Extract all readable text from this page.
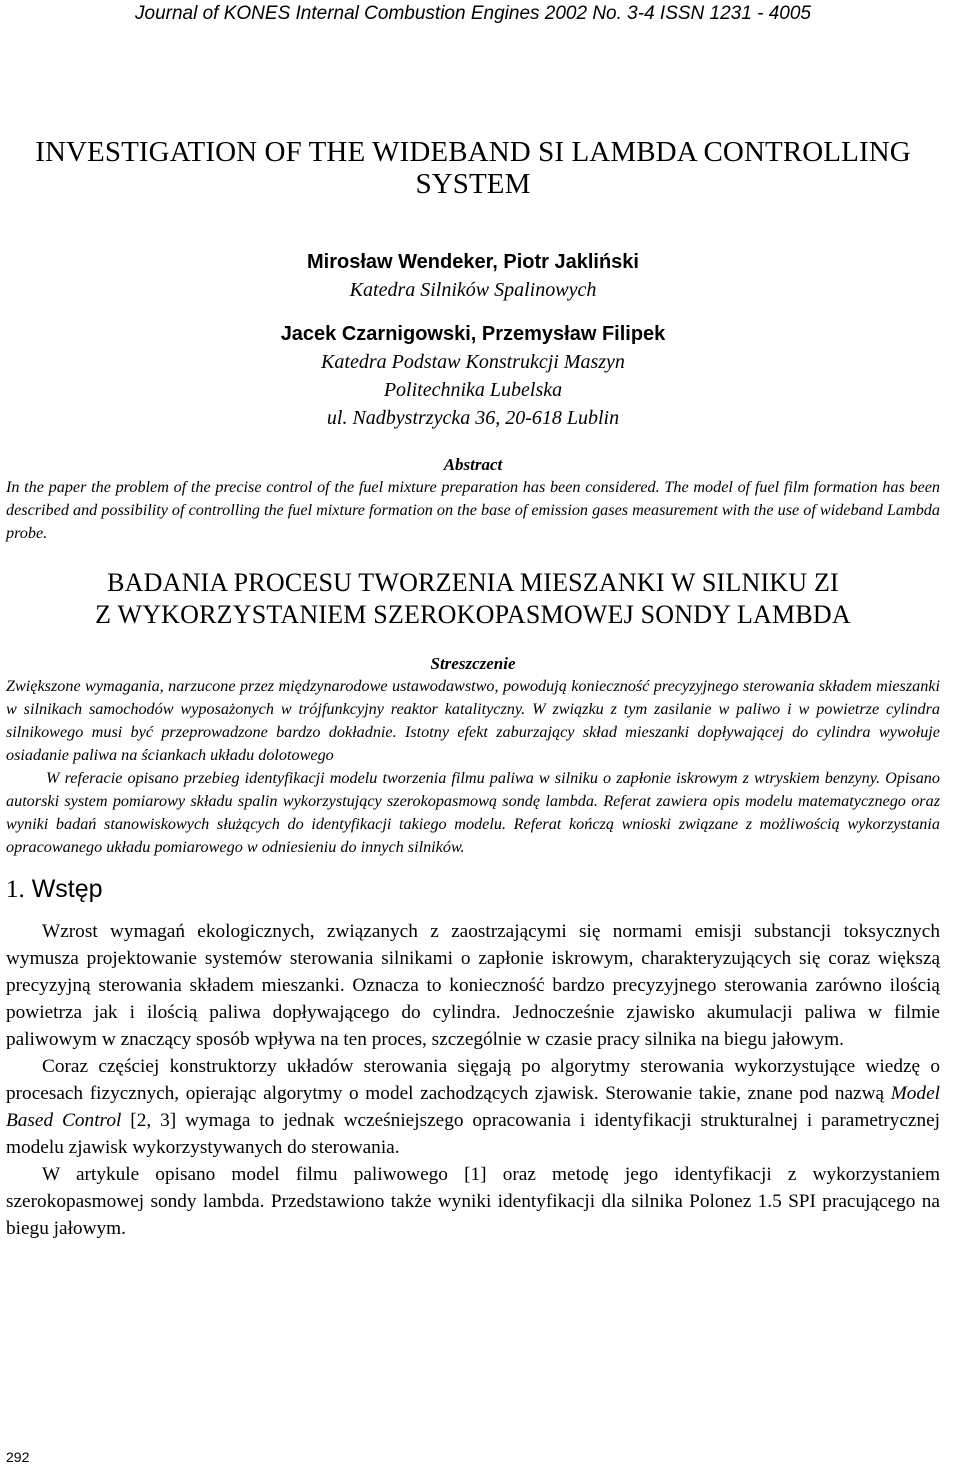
Journal of KONES Internal Combustion Engines 2002 No. 3-4 ISSN 1231 - 4005
INVESTIGATION OF THE WIDEBAND SI LAMBDA CONTROLLING
SYSTEM
Mirosław Wendeker, Piotr Jakliński
Katedra Silników Spalinowych
Jacek Czarnigowski, Przemysław Filipek
Katedra Podstaw Konstrukcji Maszyn
Politechnika Lubelska
ul. Nadbystrzycka 36, 20-618 Lublin
Abstract

In the paper the problem of the precise control of the fuel mixture preparation has been considered. The model of fuel film formation has been described and possibility of controlling the fuel mixture formation on the base of emission gases measurement with the use of wideband Lambda probe.

BADANIA PROCESU TWORZENIA MIESZANKI W SILNIKU ZI
Z WYKORZYSTANIEM SZEROKOPASMOWEJ SONDY LAMBDA
Streszczenie

Zwiększone wymagania, narzucone przez międzynarodowe ustawodawstwo, powodują konieczność precyzyjnego sterowania składem mieszanki w silnikach samochodów wyposażonych w trójfunkcyjny reaktor katalityczny. W związku z tym zasilanie w paliwo i w powietrze cylindra silnikowego musi być przeprowadzone bardzo dokładnie. Istotny efekt zaburzający skład mieszanki dopływającej do cylindra wywołuje osiadanie paliwa na ściankach układu dolotowego

W referacie opisano przebieg identyfikacji modelu tworzenia filmu paliwa w silniku o zapłonie iskrowym z wtryskiem benzyny. Opisano autorski system pomiarowy składu spalin wykorzystujący szerokopasmową sondę lambda. Referat zawiera opis modelu matematycznego oraz wyniki badań stanowiskowych służących do identyfikacji takiego modelu. Referat kończą wnioski związane z możliwością wykorzystania opracowanego układu pomiarowego w odniesieniu do innych silników.

1. Wstęp

Wzrost wymagań ekologicznych, związanych z zaostrzającymi się normami emisji substancji toksycznych wymusza projektowanie systemów sterowania silnikami o zapłonie iskrowym, charakteryzujących się coraz większą precyzyjną sterowania składem mieszanki. Oznacza to konieczność bardzo precyzyjnego sterowania zarówno ilością powietrza jak i ilością paliwa dopływającego do cylindra. Jednocześnie zjawisko akumulacji paliwa w filmie paliwowym w znaczący sposób wpływa na ten proces, szczególnie w czasie pracy silnika na biegu jałowym.

Coraz częściej konstruktorzy układów sterowania sięgają po algorytmy sterowania wykorzystujące wiedzę o procesach fizycznych, opierając algorytmy o model zachodzących zjawisk. Sterowanie takie, znane pod nazwą Model Based Control [2, 3] wymaga to jednak wcześniejszego opracowania i identyfikacji strukturalnej i parametrycznej modelu zjawisk wykorzystywanych do sterowania.

W artykule opisano model filmu paliwowego [1] oraz metodę jego identyfikacji z wykorzystaniem szerokopasmowej sondy lambda. Przedstawiono także wyniki identyfikacji dla silnika Polonez 1.5 SPI pracującego na biegu jałowym.

292
